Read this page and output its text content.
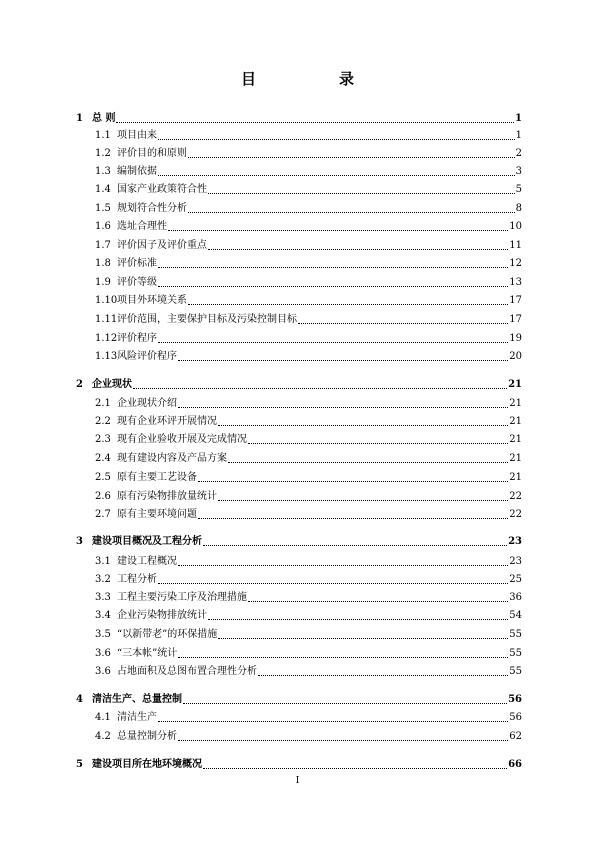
目　录
1 总 则	1
1.1 项目由来	1
1.2 评价目的和原则	2
1.3 编制依据	3
1.4 国家产业政策符合性	5
1.5 规划符合性分析	8
1.6 选址合理性	10
1.7 评价因子及评价重点	11
1.8 评价标准	12
1.9 评价等级	13
1.10 项目外环境关系	17
1.11 评价范围，主要保护目标及污染控制目标	17
1.12 评价程序	19
1.13 风险评价程序	20
2 企业现状	21
2.1 企业现状介绍	21
2.2 现有企业环评开展情况	21
2.3 现有企业验收开展及完成情况	21
2.4 现有建设内容及产品方案	21
2.5 原有主要工艺设备	21
2.6 原有污染物排放量统计	22
2.7 原有主要环境问题	22
3 建设项目概况及工程分析	23
3.1 建设工程概况	23
3.2 工程分析	25
3.3 工程主要污染工序及治理措施	36
3.4 企业污染物排放统计	54
3.5 “以新带老”的环保措施	55
3.6 “三本帐”统计	55
3.6 占地面积及总图布置合理性分析	55
4 清洁生产、总量控制	56
4.1 清洁生产	56
4.2 总量控制分析	62
5 建设项目所在地环境概况	66
I
